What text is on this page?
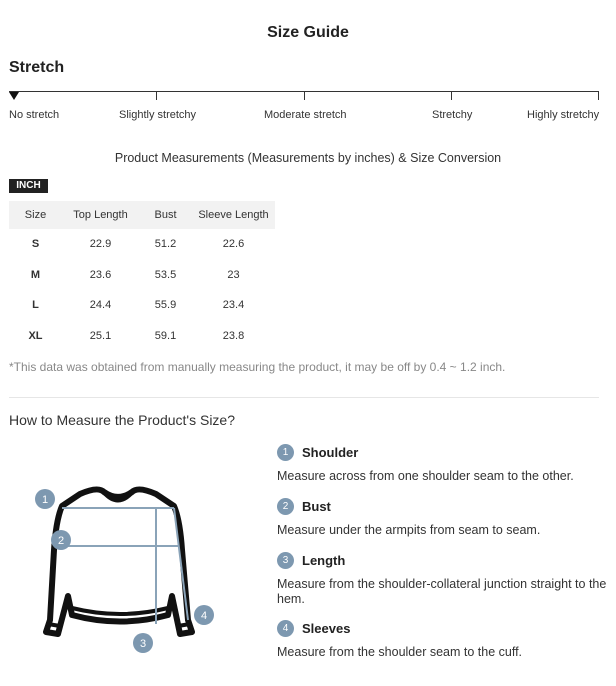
Size Guide
Stretch
No stretch	Slightly stretchy	Moderate stretch	Stretchy	Highly stretchy
Product Measurements (Measurements by inches) & Size Conversion
INCH
Size	Top Length	Bust	Sleeve Length
S	22.9	51.2	22.6
M	23.6	53.5	23
L	24.4	55.9	23.4
XL	25.1	59.1	23.8
*This data was obtained from manually measuring the product, it may be off by 0.4 ~ 1.2 inch.
How to Measure the Product's Size?
1
2
3
4
1	Shoulder
Measure across from one shoulder seam to the other.
2	Bust
Measure under the armpits from seam to seam.
3	Length
Measure from the shoulder-collateral junction straight to the hem.
4	Sleeves
Measure from the shoulder seam to the cuff.
